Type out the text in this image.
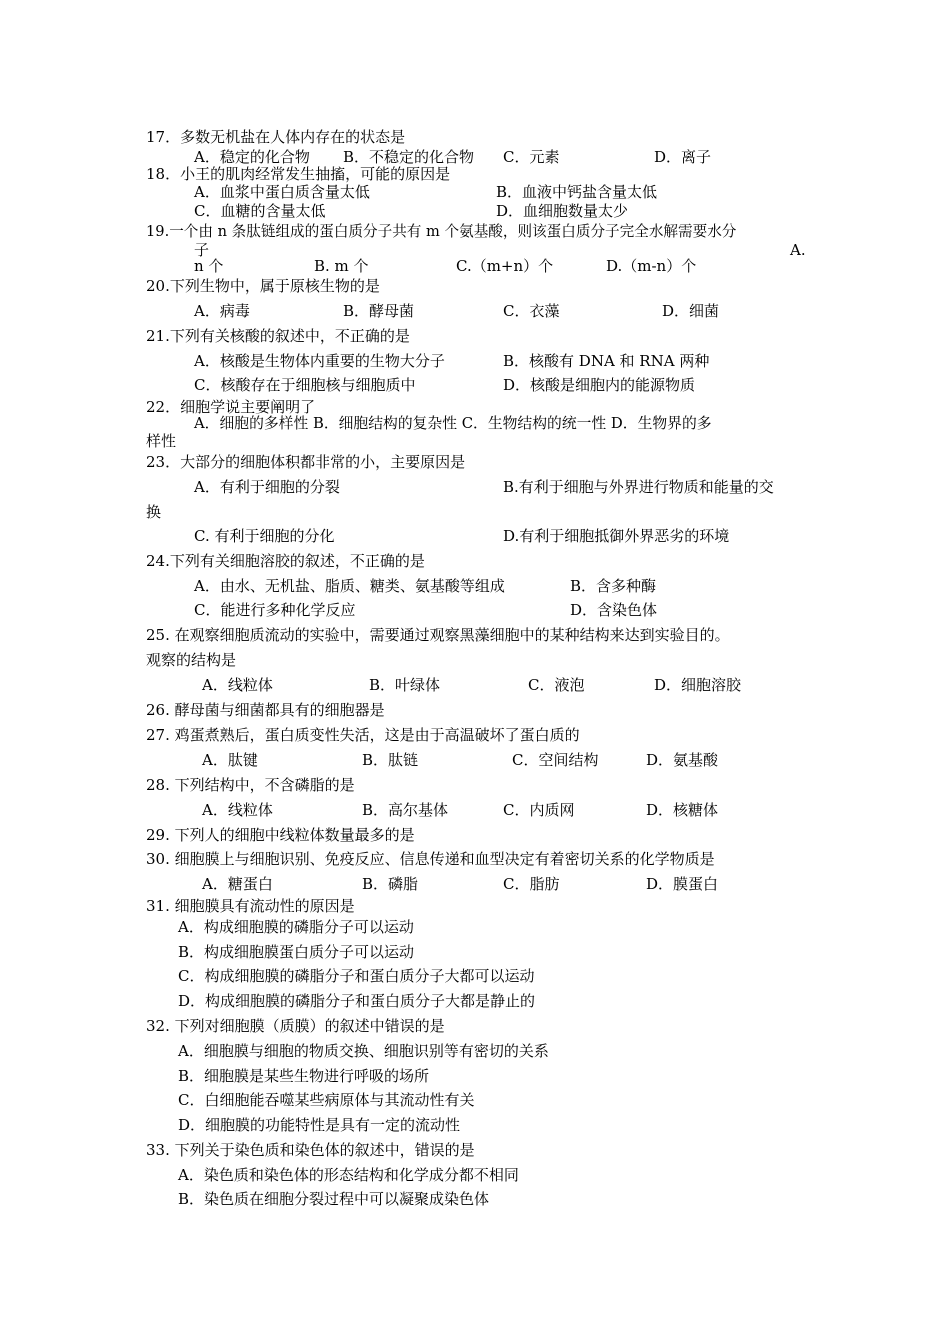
17．多数无机盐在人体内存在的状态是
A．稳定的化合物 B．不稳定的化合物 C．元素	D．离子
18．小王的肌肉经常发生抽搐，可能的原因是
A．血浆中蛋白质含量太低	B．血液中钙盐含量太低
C．血糖的含量太低	D．血细胞数量太少
19.一个由 n 条肽链组成的蛋白质分子共有 m 个氨基酸，则该蛋白质分子完全水解需要水分
A.
子
n 个	B. m 个	C.（m+n）个	D.（m-n）个
20.下列生物中，属于原核生物的是
A．病毒	B．酵母菌	C．衣藻	D．细菌
21.下列有关核酸的叙述中，不正确的是
A．核酸是生物体内重要的生物大分子	B．核酸有 DNA 和 RNA 两种
C．核酸存在于细胞核与细胞质中	D．核酸是细胞内的能源物质
22．细胞学说主要阐明了
A．细胞的多样性 B．细胞结构的复杂性 C．生物结构的统一性 D．生物界的多
样性
23．大部分的细胞体积都非常的小，主要原因是
A．有利于细胞的分裂	B.有利于细胞与外界进行物质和能量的交
换
C. 有利于细胞的分化	D.有利于细胞抵御外界恶劣的环境
24.下列有关细胞溶胶的叙述，不正确的是
A．由水、无机盐、脂质、糖类、氨基酸等组成	B．含多种酶
C．能进行多种化学反应	D．含染色体
25. 在观察细胞质流动的实验中，需要通过观察黑藻细胞中的某种结构来达到实验目的。
观察的结构是
A．线粒体	B．叶绿体	C．液泡	D．细胞溶胶
26. 酵母菌与细菌都具有的细胞器是
27. 鸡蛋煮熟后，蛋白质变性失活，这是由于高温破坏了蛋白质的
A．肽键	B．肽链	C．空间结构	D．氨基酸
28. 下列结构中，不含磷脂的是
A．线粒体	B．高尔基体	C．内质网	D．核糖体
29. 下列人的细胞中线粒体数量最多的是
30. 细胞膜上与细胞识别、免疫反应、信息传递和血型决定有着密切关系的化学物质是
A．糖蛋白	B．磷脂	C．脂肪	D．膜蛋白
31. 细胞膜具有流动性的原因是
A．构成细胞膜的磷脂分子可以运动
B．构成细胞膜蛋白质分子可以运动
C．构成细胞膜的磷脂分子和蛋白质分子大都可以运动
D．构成细胞膜的磷脂分子和蛋白质分子大都是静止的
32. 下列对细胞膜（质膜）的叙述中错误的是
A．细胞膜与细胞的物质交换、细胞识别等有密切的关系
B．细胞膜是某些生物进行呼吸的场所
C．白细胞能吞噬某些病原体与其流动性有关
D．细胞膜的功能特性是具有一定的流动性
33. 下列关于染色质和染色体的叙述中，错误的是
A．染色质和染色体的形态结构和化学成分都不相同
B．染色质在细胞分裂过程中可以凝聚成染色体
